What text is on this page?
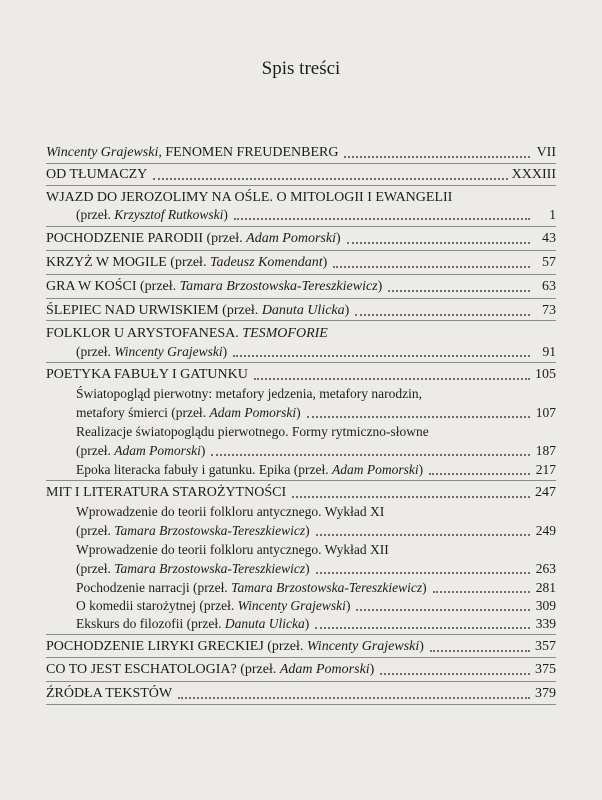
Spis treści
Wincenty Grajewski, FENOMEN FREUDENBERG	VII
OD TŁUMACZY	XXXIII
WJAZD DO JEROZOLIMY NA OŚLE. O MITOLOGII I EWANGELII
(przeł. Krzysztof Rutkowski)	1
POCHODZENIE PARODII (przeł. Adam Pomorski)	43
KRZYŻ W MOGILE (przeł. Tadeusz Komendant)	57
GRA W KOŚCI (przeł. Tamara Brzostowska-Tereszkiewicz)	63
ŚLEPIEC NAD URWISKIEM (przeł. Danuta Ulicka)	73
FOLKLOR U ARYSTOFANESA. TESMOFORIE
(przeł. Wincenty Grajewski)	91
POETYKA FABUŁY I GATUNKU	105
Światopogląd pierwotny: metafory jedzenia, metafory narodzin,
metafory śmierci (przeł. Adam Pomorski)	107
Realizacje światopoglądu pierwotnego. Formy rytmiczno-słowne
(przeł. Adam Pomorski)	187
Epoka literacka fabuły i gatunku. Epika (przeł. Adam Pomorski)	217
MIT I LITERATURA STAROŻYTNOŚCI	247
Wprowadzenie do teorii folkloru antycznego. Wykład XI
(przeł. Tamara Brzostowska-Tereszkiewicz)	249
Wprowadzenie do teorii folkloru antycznego. Wykład XII
(przeł. Tamara Brzostowska-Tereszkiewicz)	263
Pochodzenie narracji (przeł. Tamara Brzostowska-Tereszkiewicz)	281
O komedii starożytnej (przeł. Wincenty Grajewski)	309
Ekskurs do filozofii (przeł. Danuta Ulicka)	339
POCHODZENIE LIRYKI GRECKIEJ (przeł. Wincenty Grajewski)	357
CO TO JEST ESCHATOLOGIA? (przeł. Adam Pomorski)	375
ŹRÓDŁA TEKSTÓW	379
